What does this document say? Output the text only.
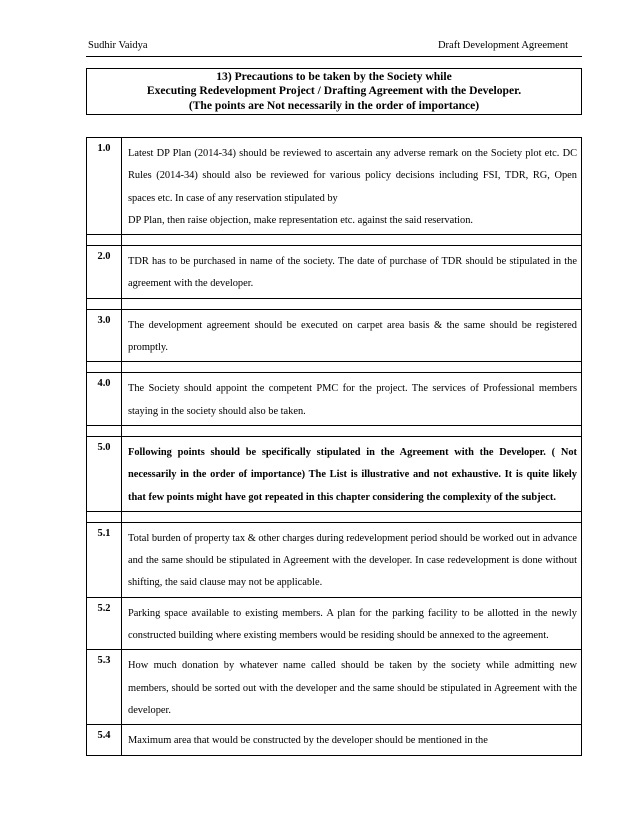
Sudhir Vaidya	Draft Development Agreement
13) Precautions to be taken by the Society while
Executing Redevelopment Project / Drafting Agreement with the Developer.
(The points are Not necessarily in the order of importance)
1.0	Latest DP Plan (2014-34) should be reviewed to ascertain any adverse remark on the Society plot etc. DC Rules (2014-34) should also be reviewed for various policy decisions including FSI, TDR, RG, Open spaces etc. In case of any reservation stipulated by
DP Plan, then raise objection, make representation etc. against the said reservation.

2.0	TDR has to be purchased in name of the society. The date of purchase of TDR should be stipulated in the agreement with the developer.

3.0	The development agreement should be executed on carpet area basis & the same should be registered promptly.

4.0	The Society should appoint the competent PMC for the project. The services of Professional members staying in the society should also be taken.

5.0	Following points should be specifically stipulated in the Agreement with the Developer. ( Not necessarily in the order of importance) The List is illustrative and not exhaustive. It is quite likely that few points might have got repeated in this chapter considering the complexity of the subject.

5.1	Total burden of property tax & other charges during redevelopment period should be worked out in advance and the same should be stipulated in Agreement with the developer. In case redevelopment is done without shifting, the said clause may not be applicable.
5.2	Parking space available to existing members. A plan for the parking facility to be allotted in the newly constructed building where existing members would be residing should be annexed to the agreement.
5.3	How much donation by whatever name called should be taken by the society while admitting new members, should be sorted out with the developer and the same should be stipulated in Agreement with the developer.
5.4	Maximum area that would be constructed by the developer should be mentioned in the
